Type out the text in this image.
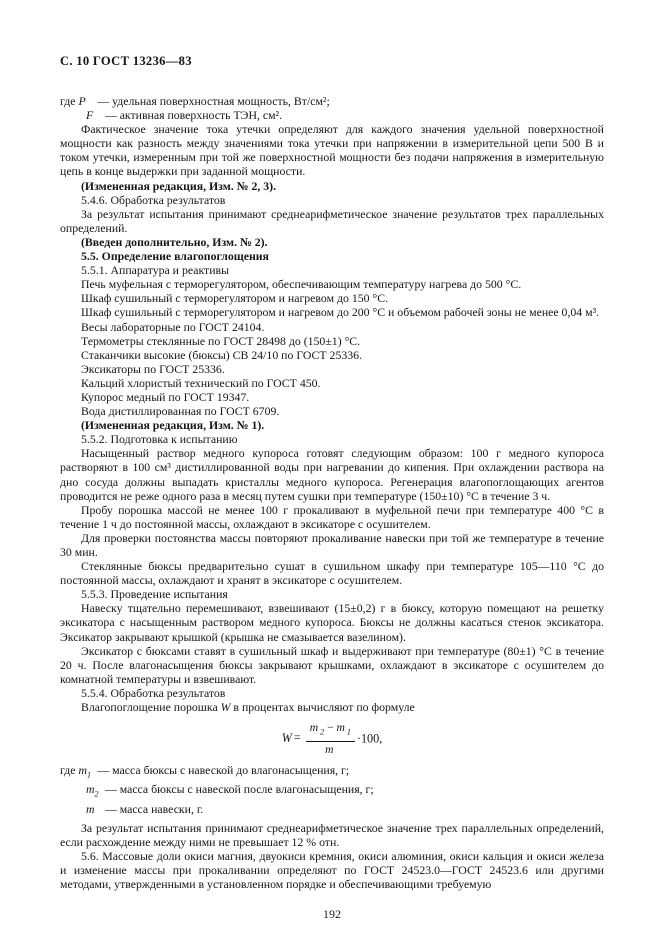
С. 10 ГОСТ 13236—83
где P — удельная поверхностная мощность, Вт/см²;
F — активная поверхность ТЭН, см².

Фактическое значение тока утечки определяют для каждого значения удельной поверхностной мощности как разность между значениями тока утечки при напряжении в измерительной цепи 500 В и током утечки, измеренным при той же поверхностной мощности без подачи напряжения в измерительную цепь в конце выдержки при заданной мощности.

(Измененная редакция, Изм. № 2, 3).

5.4.6. Обработка результатов

За результат испытания принимают среднеарифметическое значение результатов трех параллельных определений.

(Введен дополнительно, Изм. № 2).

5.5. Определение влагопоглощения

5.5.1. Аппаратура и реактивы

Печь муфельная с терморегулятором, обеспечивающим температуру нагрева до 500 °С.

Шкаф сушильный с терморегулятором и нагревом до 150 °С.

Шкаф сушильный с терморегулятором и нагревом до 200 °С и объемом рабочей зоны не менее 0,04 м³.

Весы лабораторные по ГОСТ 24104.

Термометры стеклянные по ГОСТ 28498 до (150±1) °С.

Стаканчики высокие (бюксы) СВ 24/10 по ГОСТ 25336.

Эксикаторы по ГОСТ 25336.

Кальций хлористый технический по ГОСТ 450.

Купорос медный по ГОСТ 19347.

Вода дистиллированная по ГОСТ 6709.

(Измененная редакция, Изм. № 1).

5.5.2. Подготовка к испытанию

Насыщенный раствор медного купороса готовят следующим образом: 100 г медного купороса растворяют в 100 см³ дистиллированной воды при нагревании до кипения. При охлаждении раствора на дно сосуда должны выпадать кристаллы медного купороса. Регенерация влагопоглощающих агентов проводится не реже одного раза в месяц путем сушки при температуре (150±10) °С в течение 3 ч.

Пробу порошка массой не менее 100 г прокаливают в муфельной печи при температуре 400 °С в течение 1 ч до постоянной массы, охлаждают в эксикаторе с осушителем.

Для проверки постоянства массы повторяют прокаливание навески при той же температуре в течение 30 мин.

Стеклянные бюксы предварительно сушат в сушильном шкафу при температуре 105—110 °С до постоянной массы, охлаждают и хранят в эксикаторе с осушителем.

5.5.3. Проведение испытания

Навеску тщательно перемешивают, взвешивают (15±0,2) г в бюксу, которую помещают на решетку эксикатора с насыщенным раствором медного купороса. Бюксы не должны касаться стенок эксикатора. Эксикатор закрывают крышкой (крышка не смазывается вазелином).

Эксикатор с бюксами ставят в сушильный шкаф и выдерживают при температуре (80±1) °С в течение 20 ч. После влагонасыщения бюксы закрывают крышками, охлаждают в эксикаторе с осушителем до комнатной температуры и взвешивают.

5.5.4. Обработка результатов

Влагопоглощение порошка W в процентах вычисляют по формуле

$W = \frac{m _2 - m _1}{m} \cdot 100$,
где $m_1$ — масса бюксы с навеской до влагонасыщения, г;
$m_2$ — масса бюксы с навеской после влагонасыщения, г;
m — масса навески, г.

За результат испытания принимают среднеарифметическое значение трех параллельных определений, если расхождение между ними не превышает 12 % отн.

5.6. Массовые доли окиси магния, двуокиси кремния, окиси алюминия, окиси кальция и окиси железа и изменение массы при прокаливании определяют по ГОСТ 24523.0—ГОСТ 24523.6 или другими методами, утвержденными в установленном порядке и обеспечивающими требуемую

192
